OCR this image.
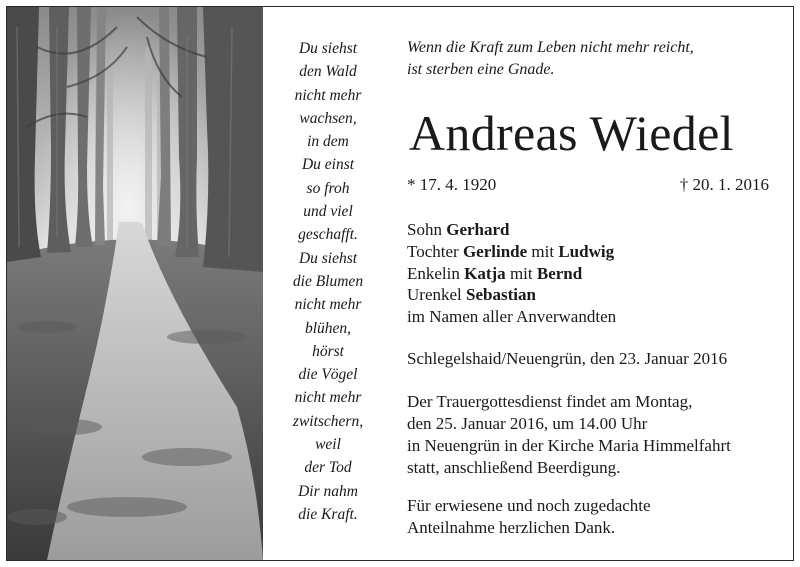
Du siehst
den Wald
nicht mehr
wachsen,
in dem
Du einst
so froh
und viel
geschafft.
Du siehst
die Blumen
nicht mehr
blühen,
hörst
die Vögel
nicht mehr
zwitschern,
weil
der Tod
Dir nahm
die Kraft.
Wenn die Kraft zum Leben nicht mehr reicht,
ist sterben eine Gnade.
Andreas Wiedel
* 17. 4. 1920	† 20. 1. 2016
Sohn Gerhard
Tochter Gerlinde mit Ludwig
Enkelin Katja mit Bernd
Urenkel Sebastian
im Namen aller Anverwandten
Schlegelshaid/Neuengrün, den 23. Januar 2016
Der Trauergottesdienst findet am Montag,
den 25. Januar 2016, um 14.00 Uhr
in Neuengrün in der Kirche Maria Himmelfahrt
statt, anschließend Beerdigung.
Für erwiesene und noch zugedachte
Anteilnahme herzlichen Dank.
